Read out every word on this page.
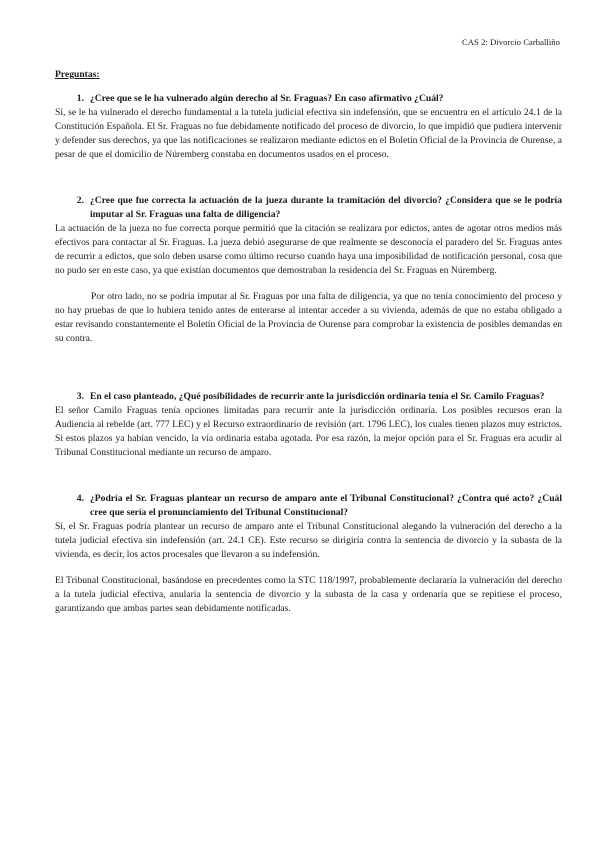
CAS 2: Divorcio Carballiño
Preguntas:
1. ¿Cree que se le ha vulnerado algún derecho al Sr. Fraguas? En caso afirmativo ¿Cuál?

Sí, se le ha vulnerado el derecho fundamental a la tutela judicial efectiva sin indefensión, que se encuentra en el artículo 24.1 de la Constitución Española. El Sr. Fraguas no fue debidamente notificado del proceso de divorcio, lo que impidió que pudiera intervenir y defender sus derechos, ya que las notificaciones se realizaron mediante edictos en el Boletín Oficial de la Provincia de Ourense, a pesar de que el domicilio de Núremberg constaba en documentos usados en el proceso.

2. ¿Cree que fue correcta la actuación de la jueza durante la tramitación del divorcio? ¿Considera que se le podría imputar al Sr. Fraguas una falta de diligencia?

La actuación de la jueza no fue correcta porque permitió que la citación se realizara por edictos, antes de agotar otros medios más efectivos para contactar al Sr. Fraguas. La jueza debió asegurarse de que realmente se desconocía el paradero del Sr. Fraguas antes de recurrir a edictos, que solo deben usarse como último recurso cuando haya una imposibilidad de notificación personal, cosa que no pudo ser en este caso, ya que existían documentos que demostraban la residencia del Sr. Fraguas en Núremberg.

Por otro lado, no se podría imputar al Sr. Fraguas por una falta de diligencia, ya que no tenía conocimiento del proceso y no hay pruebas de que lo hubiera tenido antes de enterarse al intentar acceder a su vivienda, además de que no estaba obligado a estar revisando constantemente el Boletín Oficial de la Provincia de Ourense para comprobar la existencia de posibles demandas en su contra.

3. En el caso planteado, ¿Qué posibilidades de recurrir ante la jurisdicción ordinaria tenía el Sr. Camilo Fraguas?

El señor Camilo Fraguas tenía opciones limitadas para recurrir ante la jurisdicción ordinaria. Los posibles recursos eran la Audiencia al rebelde (art. 777 LEC) y el Recurso extraordinario de revisión (art. 1796 LEC), los cuales tienen plazos muy estrictos. Si estos plazos ya habían vencido, la vía ordinaria estaba agotada. Por esa razón, la mejor opción para el Sr. Fraguas era acudir al Tribunal Constitucional mediante un recurso de amparo.

4. ¿Podría el Sr. Fraguas plantear un recurso de amparo ante el Tribunal Constitucional? ¿Contra qué acto? ¿Cuál cree que sería el pronunciamiento del Tribunal Constitucional?

Sí, el Sr. Fraguas podría plantear un recurso de amparo ante el Tribunal Constitucional alegando la vulneración del derecho a la tutela judicial efectiva sin indefensión (art. 24.1 CE). Este recurso se dirigiría contra la sentencia de divorcio y la subasta de la vivienda, es decir, los actos procesales que llevaron a su indefensión.

El Tribunal Constitucional, basándose en precedentes como la STC 118/1997, probablemente declararía la vulneración del derecho a la tutela judicial efectiva, anularía la sentencia de divorcio y la subasta de la casa y ordenaría que se repitiese el proceso, garantizando que ambas partes sean debidamente notificadas.
